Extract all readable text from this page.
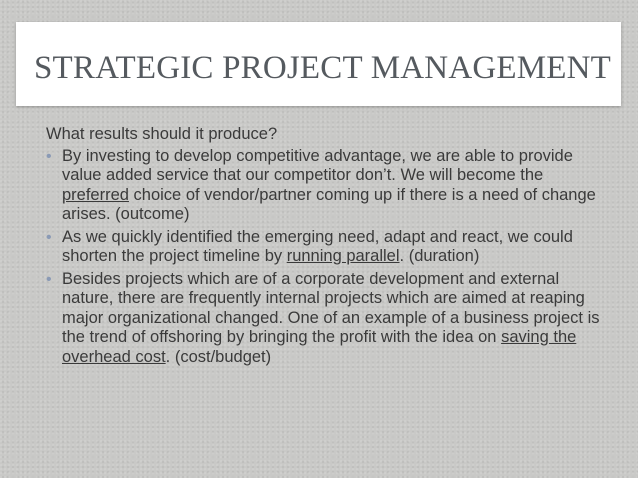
STRATEGIC PROJECT MANAGEMENT

What results should it produce?

• By investing to develop competitive advantage, we are able to provide value added service that our competitor don’t. We will become the preferred choice of vendor/partner coming up if there is a need of change arises. (outcome)
• As we quickly identified the emerging need, adapt and react, we could shorten the project timeline by running parallel. (duration)
• Besides projects which are of a corporate development and external nature, there are frequently internal projects which are aimed at reaping major organizational changed. One of an example of a business project is the trend of offshoring by bringing the profit with the idea on saving the overhead cost. (cost/budget)
